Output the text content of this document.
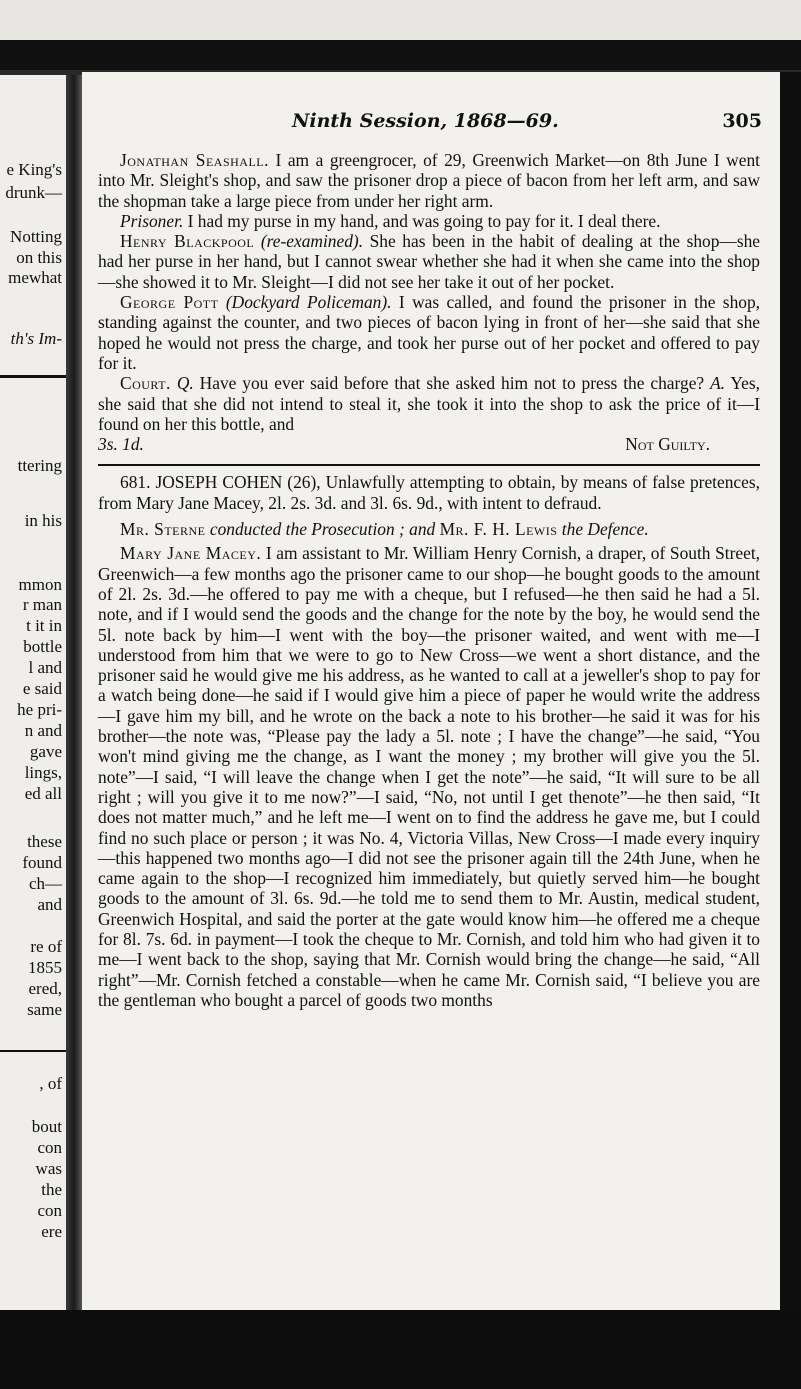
e King's
drunk—
Notting
on this
mewhat
th's Im-
ttering
in his
mmon
r man
t it in
bottle
l and
e said
he pri-
n and
gave
lings,
ed all
these
found
ch—
and
re of
1855
ered,
same
, of
bout
con
was
the
con
ere
Ninth Session, 1868—69.	305

Jonathan Seashall. I am a greengrocer, of 29, Greenwich Market—on 8th June I went into Mr. Sleight's shop, and saw the prisoner drop a piece of bacon from her left arm, and saw the shopman take a large piece from under her right arm.

Prisoner. I had my purse in my hand, and was going to pay for it. I deal there.

Henry Blackpool (re-examined). She has been in the habit of dealing at the shop—she had her purse in her hand, but I cannot swear whether she had it when she came into the shop—she showed it to Mr. Sleight—I did not see her take it out of her pocket.

George Pott (Dockyard Policeman). I was called, and found the prisoner in the shop, standing against the counter, and two pieces of bacon lying in front of her—she said that she hoped he would not press the charge, and took her purse out of her pocket and offered to pay for it.

Court. Q. Have you ever said before that she asked him not to press the charge? A. Yes, she said that she did not intend to steal it, she took it into the shop to ask the price of it—I found on her this bottle, and

3s. 1d.	Not Guilty.

681. JOSEPH COHEN (26), Unlawfully attempting to obtain, by means of false pretences, from Mary Jane Macey, 2l. 2s. 3d. and 3l. 6s. 9d., with intent to defraud.

Mr. Sterne conducted the Prosecution ; and Mr. F. H. Lewis the Defence.

Mary Jane Macey. I am assistant to Mr. William Henry Cornish, a draper, of South Street, Greenwich—a few months ago the prisoner came to our shop—he bought goods to the amount of 2l. 2s. 3d.—he offered to pay me with a cheque, but I refused—he then said he had a 5l. note, and if I would send the goods and the change for the note by the boy, he would send the 5l. note back by him—I went with the boy—the prisoner waited, and went with me—I understood from him that we were to go to New Cross—we went a short distance, and the prisoner said he would give me his address, as he wanted to call at a jeweller's shop to pay for a watch being done—he said if I would give him a piece of paper he would write the address—I gave him my bill, and he wrote on the back a note to his brother—he said it was for his brother—the note was, “Please pay the lady a 5l. note ; I have the change”—he said, “You won't mind giving me the change, as I want the money ; my brother will give you the 5l. note”—I said, “I will leave the change when I get the note”—he said, “It will sure to be all right ; will you give it to me now?”—I said, “No, not until I get thenote”—he then said, “It does not matter much,” and he left me—I went on to find the address he gave me, but I could find no such place or person ; it was No. 4, Victoria Villas, New Cross—I made every inquiry—this happened two months ago—I did not see the prisoner again till the 24th June, when he came again to the shop—I recognized him immediately, but quietly served him—he bought goods to the amount of 3l. 6s. 9d.—he told me to send them to Mr. Austin, medical student, Greenwich Hospital, and said the porter at the gate would know him—he offered me a cheque for 8l. 7s. 6d. in payment—I took the cheque to Mr. Cornish, and told him who had given it to me—I went back to the shop, saying that Mr. Cornish would bring the change—he said, “All right”—Mr. Cornish fetched a constable—when he came Mr. Cornish said, “I believe you are the gentleman who bought a parcel of goods two months
